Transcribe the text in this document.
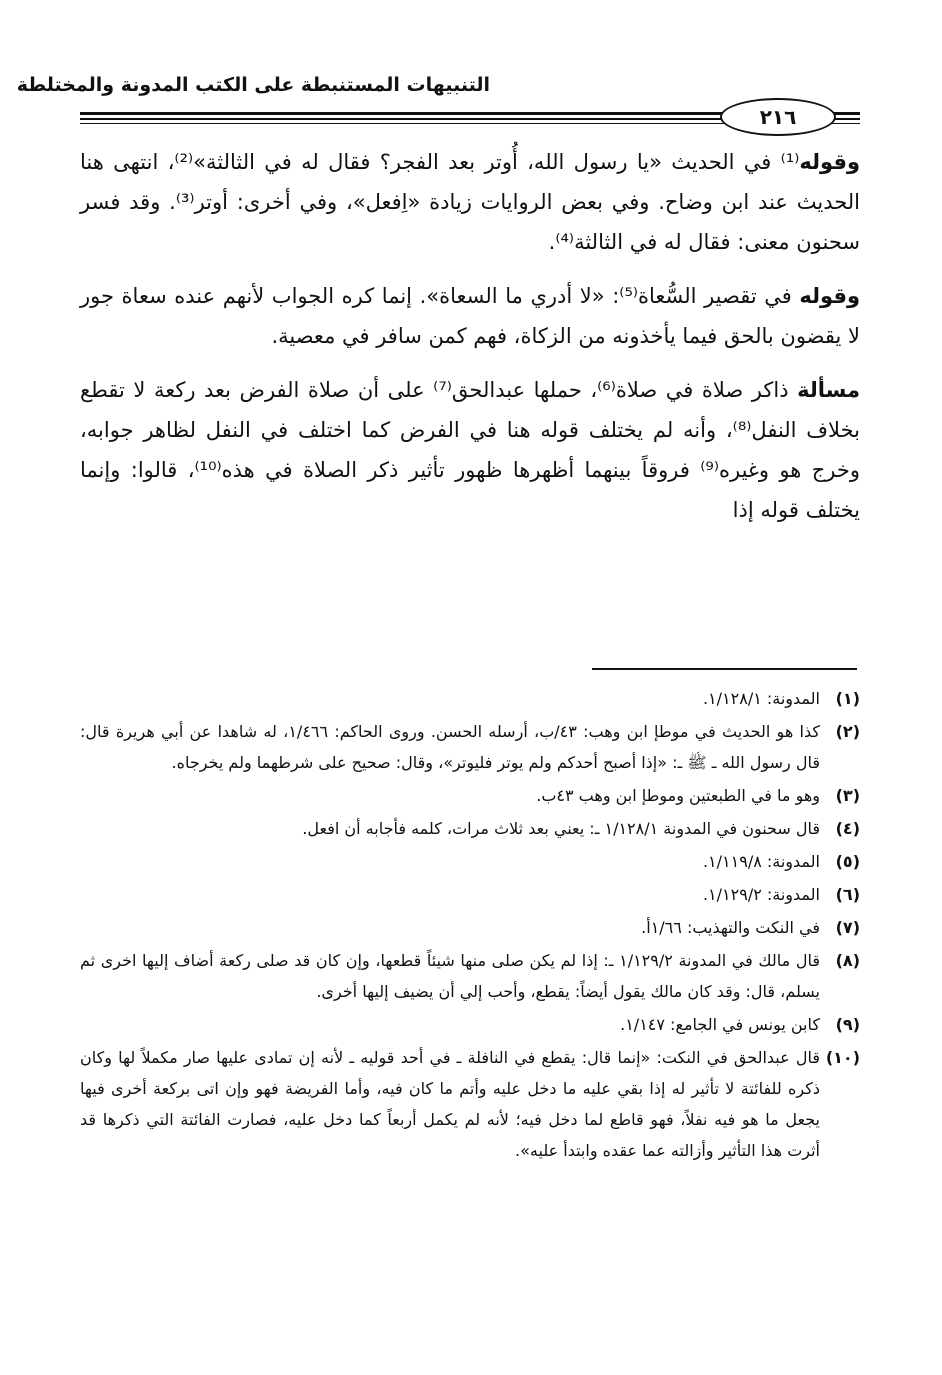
التنبيهات المستنبطة على الكتب المدونة والمختلطة
٢١٦

وقوله⁽¹⁾ في الحديث «يا رسول الله، أُوتر بعد الفجر؟ فقال له في الثالثة»⁽²⁾، انتهى هنا الحديث عند ابن وضاح. وفي بعض الروايات زيادة «اِفعل»، وفي أخرى: أوتر⁽³⁾. وقد فسر سحنون معنى: فقال له في الثالثة⁽⁴⁾.

وقوله في تقصير السُّعاة⁽⁵⁾: «لا أدري ما السعاة». إنما كره الجواب لأنهم عنده سعاة جور لا يقضون بالحق فيما يأخذونه من الزكاة، فهم كمن سافر في معصية.

مسألة ذاكر صلاة في صلاة⁽⁶⁾، حملها عبدالحق⁽⁷⁾ على أن صلاة الفرض بعد ركعة لا تقطع بخلاف النفل⁽⁸⁾، وأنه لم يختلف قوله هنا في الفرض كما اختلف في النفل لظاهر جوابه، وخرج هو وغيره⁽⁹⁾ فروقاً بينهما أظهرها ظهور تأثير ذكر الصلاة في هذه⁽¹⁰⁾، قالوا: وإنما يختلف قوله إذا

(١)
المدونة: ١/١٢٨/١.
(٢)
كذا هو الحديث في موطإ ابن وهب: ٤٣/ب، أرسله الحسن. وروى الحاكم: ١/٤٦٦، له شاهدا عن أبي هريرة قال: قال رسول الله ـ ﷺ ـ: «إذا أصبح أحدكم ولم يوتر فليوتر»، وقال: صحيح على شرطهما ولم يخرجاه.
(٣)
وهو ما في الطبعتين وموطإ ابن وهب ٤٣ب.
(٤)
قال سحنون في المدونة ١/١٢٨/١ ـ: يعني بعد ثلاث مرات، كلمه فأجابه أن افعل.
(٥)
المدونة: ١/١١٩/٨.
(٦)
المدونة: ١/١٢٩/٢.
(٧)
في النكت والتهذيب: ١/٦٦أ.
(٨)
قال مالك في المدونة ١/١٢٩/٢ ـ: إذا لم يكن صلى منها شيئاً قطعها، وإن كان قد صلى ركعة أضاف إليها اخرى ثم يسلم، قال: وقد كان مالك يقول أيضاً: يقطع، وأحب إلي أن يضيف إليها أخرى.
(٩)
كابن يونس في الجامع: ١/١٤٧.
(١٠)
قال عبدالحق في النكت: «إنما قال: يقطع في النافلة ـ في أحد قوليه ـ لأنه إن تمادى عليها صار مكملاً لها وكان ذكره للفائتة لا تأثير له إذا بقي عليه ما دخل عليه وأتم ما كان فيه، وأما الفريضة فهو وإن اتى بركعة أخرى فيها يجعل ما هو فيه نفلاً، فهو قاطع لما دخل فيه؛ لأنه لم يكمل أربعاً كما دخل عليه، فصارت الفائتة التي ذكرها قد أثرت هذا التأثير وأزالته عما عقده وابتدأ عليه».
